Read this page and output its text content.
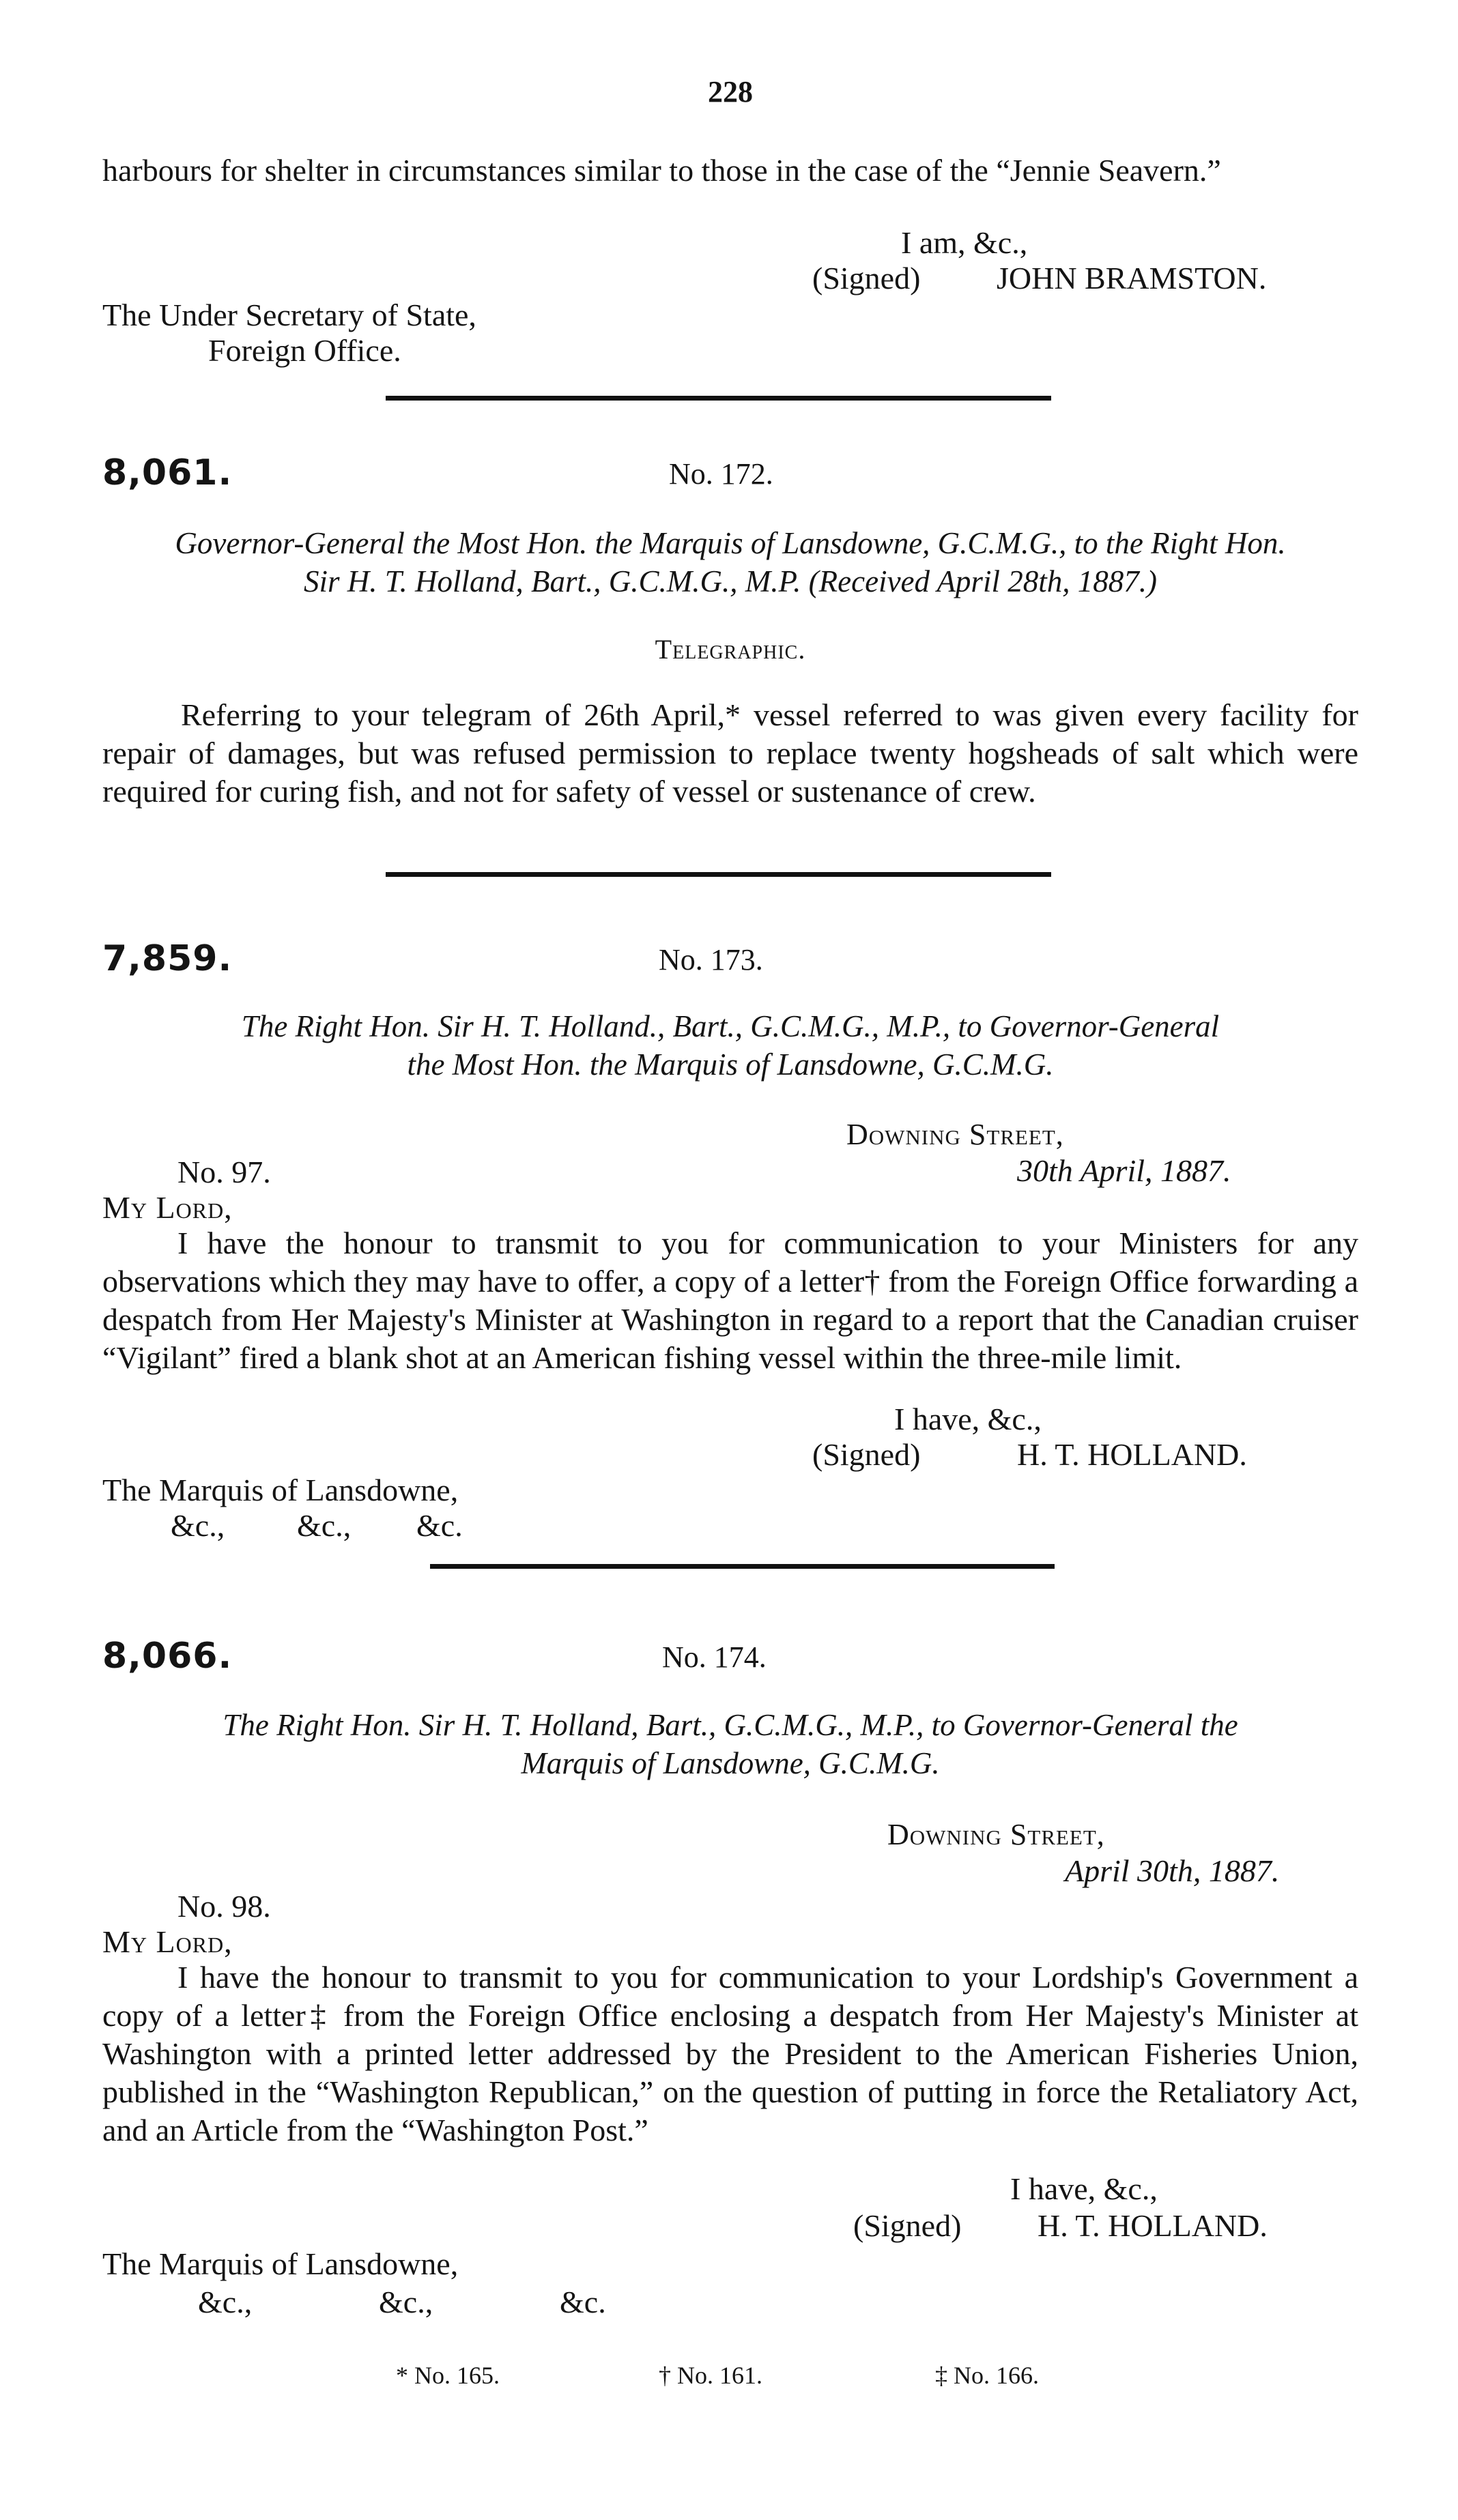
228
harbours for shelter in circumstances similar to those in the case of the “Jennie Seavern.”
I am, &c.,
(Signed) JOHN BRAMSTON.
The Under Secretary of State,
Foreign Office.
8,061.	No. 172.
Governor-General the Most Hon. the Marquis of Lansdowne, G.C.M.G., to the Right Hon.
Sir H. T. Holland, Bart., G.C.M.G., M.P. (Received April 28th, 1887.)
Telegraphic.
Referring to your telegram of 26th April,* vessel referred to was given every facility for repair of damages, but was refused permission to replace twenty hogsheads of salt which were required for curing fish, and not for safety of vessel or sustenance of crew.
7,859.	No. 173.
The Right Hon. Sir H. T. Holland., Bart., G.C.M.G., M.P., to Governor-General
the Most Hon. the Marquis of Lansdowne, G.C.M.G.
Downing Street,
30th April, 1887.
No. 97.
My Lord,
I have the honour to transmit to you for communication to your Ministers for any observations which they may have to offer, a copy of a letter† from the Foreign Office forwarding a despatch from Her Majesty's Minister at Washington in regard to a report that the Canadian cruiser “Vigilant” fired a blank shot at an American fishing vessel within the three-mile limit.
I have, &c.,
(Signed)	H. T. HOLLAND.
The Marquis of Lansdowne,
&c., &c., &c.
8,066.	No. 174.
The Right Hon. Sir H. T. Holland, Bart., G.C.M.G., M.P., to Governor-General the
Marquis of Lansdowne, G.C.M.G.
Downing Street,
April 30th, 1887.
No. 98.
My Lord,
I have the honour to transmit to you for communication to your Lordship's Government a copy of a letter‡ from the Foreign Office enclosing a despatch from Her Majesty's Minister at Washington with a printed letter addressed by the President to the American Fisheries Union, published in the “Washington Republican,” on the question of putting in force the Retaliatory Act, and an Article from the “Washington Post.”
I have, &c.,
(Signed) H. T. HOLLAND.
The Marquis of Lansdowne,
&c.,	&c.,	&c.
* No. 165.	† No. 161.	‡ No. 166.
